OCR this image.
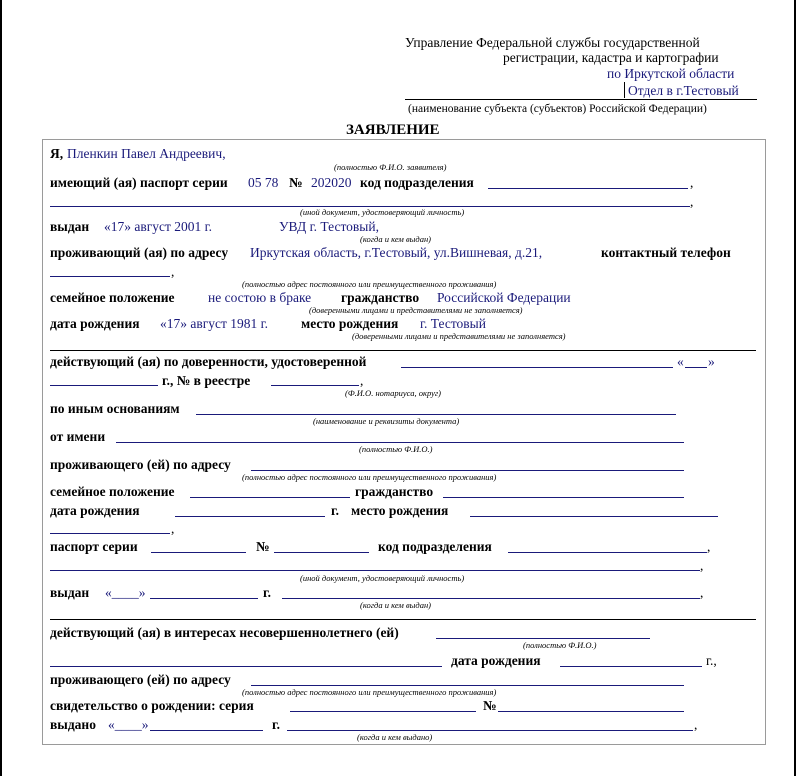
Управление Федеральной службы государственной
регистрации, кадастра и картографии
по Иркутской области
Отдел в г.Тестовый
(наименование субъекта (субъектов) Российской Федерации)
ЗАЯВЛЕНИЕ
Я, Пленкин Павел Андреевич,
(полностью Ф.И.О. заявителя)
имеющий (ая) паспорт серии 05 78 № 202020 код подразделения	,
,
(иной документ, удостоверяющий личность)
выдан «17» август 2001 г.	УВД г. Тестовый,
(когда и кем выдан)
проживающий (ая) по адресу Иркутская область, г.Тестовый, ул.Вишневая, д.21,	контактный телефон
,
(полностью адрес постоянного или преимущественного проживания)
семейное положение не состою в браке гражданство Российской Федерации
(доверенными лицами и представителями не заполняется)
дата рождения «17» август 1981 г. место рождения г. Тестовый
(доверенными лицами и представителями не заполняется)
действующий (ая) по доверенности, удостоверенной	« »
г., № в реестре	,
(Ф.И.О. нотариуса, округ)
по иным основаниям
(наименование и реквизиты документа)
от имени
(полностью Ф.И.О.)
проживающего (ей) по адресу
(полностью адрес постоянного или преимущественного проживания)
семейное положение	гражданство
дата рождения	г. место рождения
,
паспорт серии	№	код подразделения	,
,
(иной документ, удостоверяющий личность)
выдан «____»	г.	,
(когда и кем выдан)
действующий (ая) в интересах несовершеннолетнего (ей)
(полностью Ф.И.О.)
дата рождения	г.,
проживающего (ей) по адресу
(полностью адрес постоянного или преимущественного проживания)
свидетельство о рождении: серия	№
выдано «____»	г.	,
(когда и кем выдано)
